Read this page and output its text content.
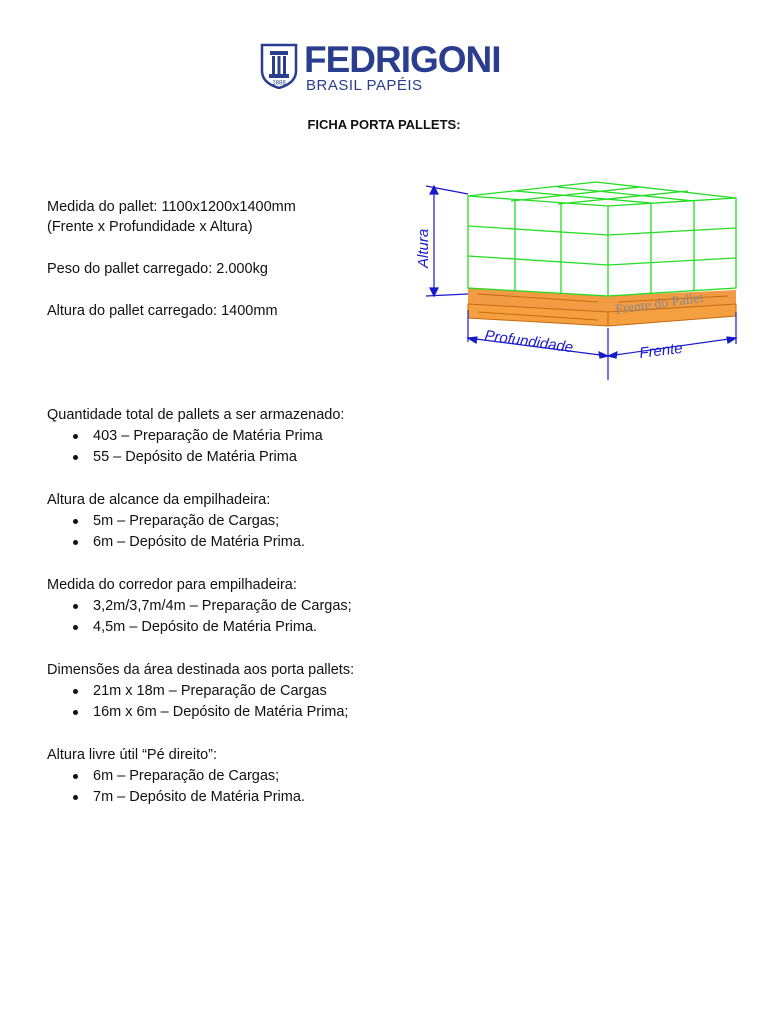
1888
FEDRIGONI
BRASIL PAPÉIS
FICHA PORTA PALLETS:
Medida do pallet: 1100x1200x1400mm
(Frente x Profundidade x Altura)
Peso do pallet carregado: 2.000kg
Altura do pallet carregado: 1400mm
Altura
Profundidade	Frente
Frente do Pallet
Quantidade total de pallets a ser armazenado:
403 – Preparação de Matéria Prima
55 – Depósito de Matéria Prima
Altura de alcance da empilhadeira:
5m – Preparação de Cargas;
6m – Depósito de Matéria Prima.
Medida do corredor para empilhadeira:
3,2m/3,7m/4m – Preparação de Cargas;
4,5m – Depósito de Matéria Prima.
Dimensões da área destinada aos porta pallets:
21m x 18m – Preparação de Cargas
16m x 6m – Depósito de Matéria Prima;
Altura livre útil “Pé direito”:
6m – Preparação de Cargas;
7m – Depósito de Matéria Prima.
